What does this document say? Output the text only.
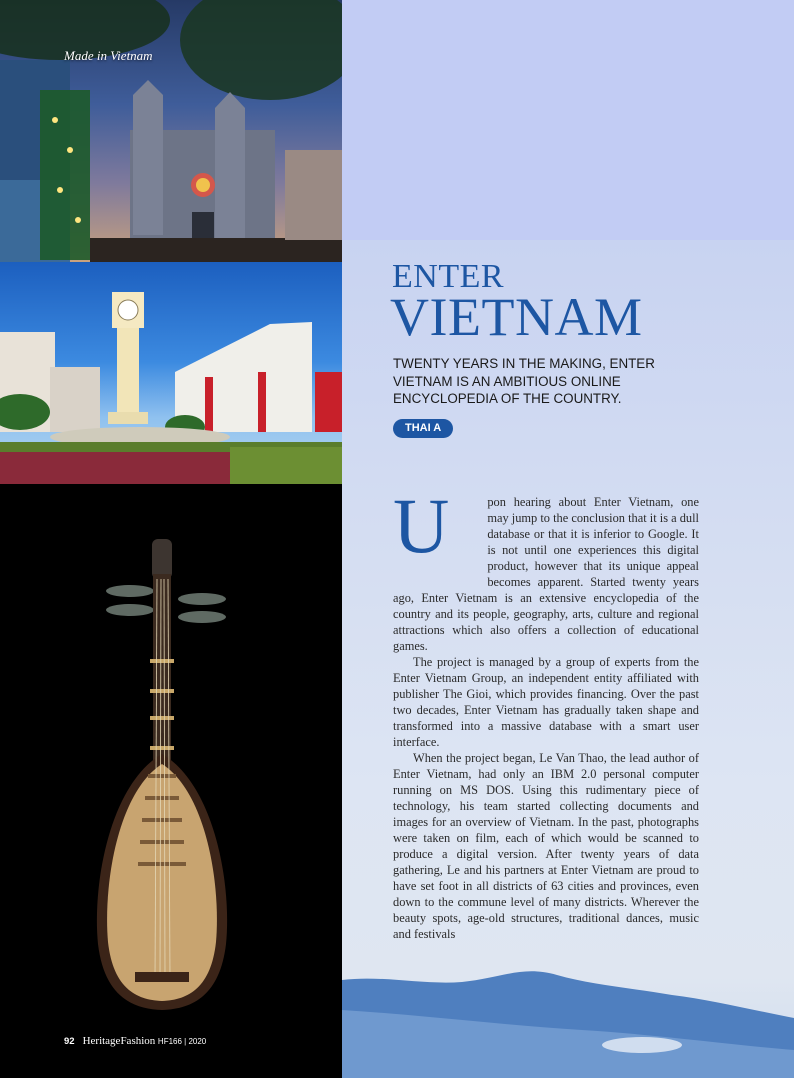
Made in Vietnam
92 HeritageFashion HF166 | 2020
ENTER
VIETNAM
TWENTY YEARS IN THE MAKING, ENTER VIETNAM IS AN AMBITIOUS ONLINE ENCYCLOPEDIA OF THE COUNTRY.
THAI A

U	pon hearing about Enter Vietnam, one may jump to the conclusion that it is a dull database or that it is inferior to Google. It is not until one experiences this digital product, however that its unique appeal becomes apparent. Started twenty years ago, Enter Vietnam is an extensive encyclopedia of the country and its people, geography, arts, culture and regional attractions which also offers a collection of educational games.

The project is managed by a group of experts from the Enter Vietnam Group, an independent entity affiliated with publisher The Gioi, which provides financing. Over the past two decades, Enter Vietnam has gradually taken shape and transformed into a massive database with a smart user interface.

When the project began, Le Van Thao, the lead author of Enter Vietnam, had only an IBM 2.0 personal computer running on MS DOS. Using this rudimentary piece of technology, his team started collecting documents and images for an overview of Vietnam. In the past, photographs were taken on film, each of which would be scanned to produce a digital version. After twenty years of data gathering, Le and his partners at Enter Vietnam are proud to have set foot in all districts of 63 cities and provinces, even down to the commune level of many districts. Wherever the beauty spots, age-old structures, traditional dances, music and festivals
